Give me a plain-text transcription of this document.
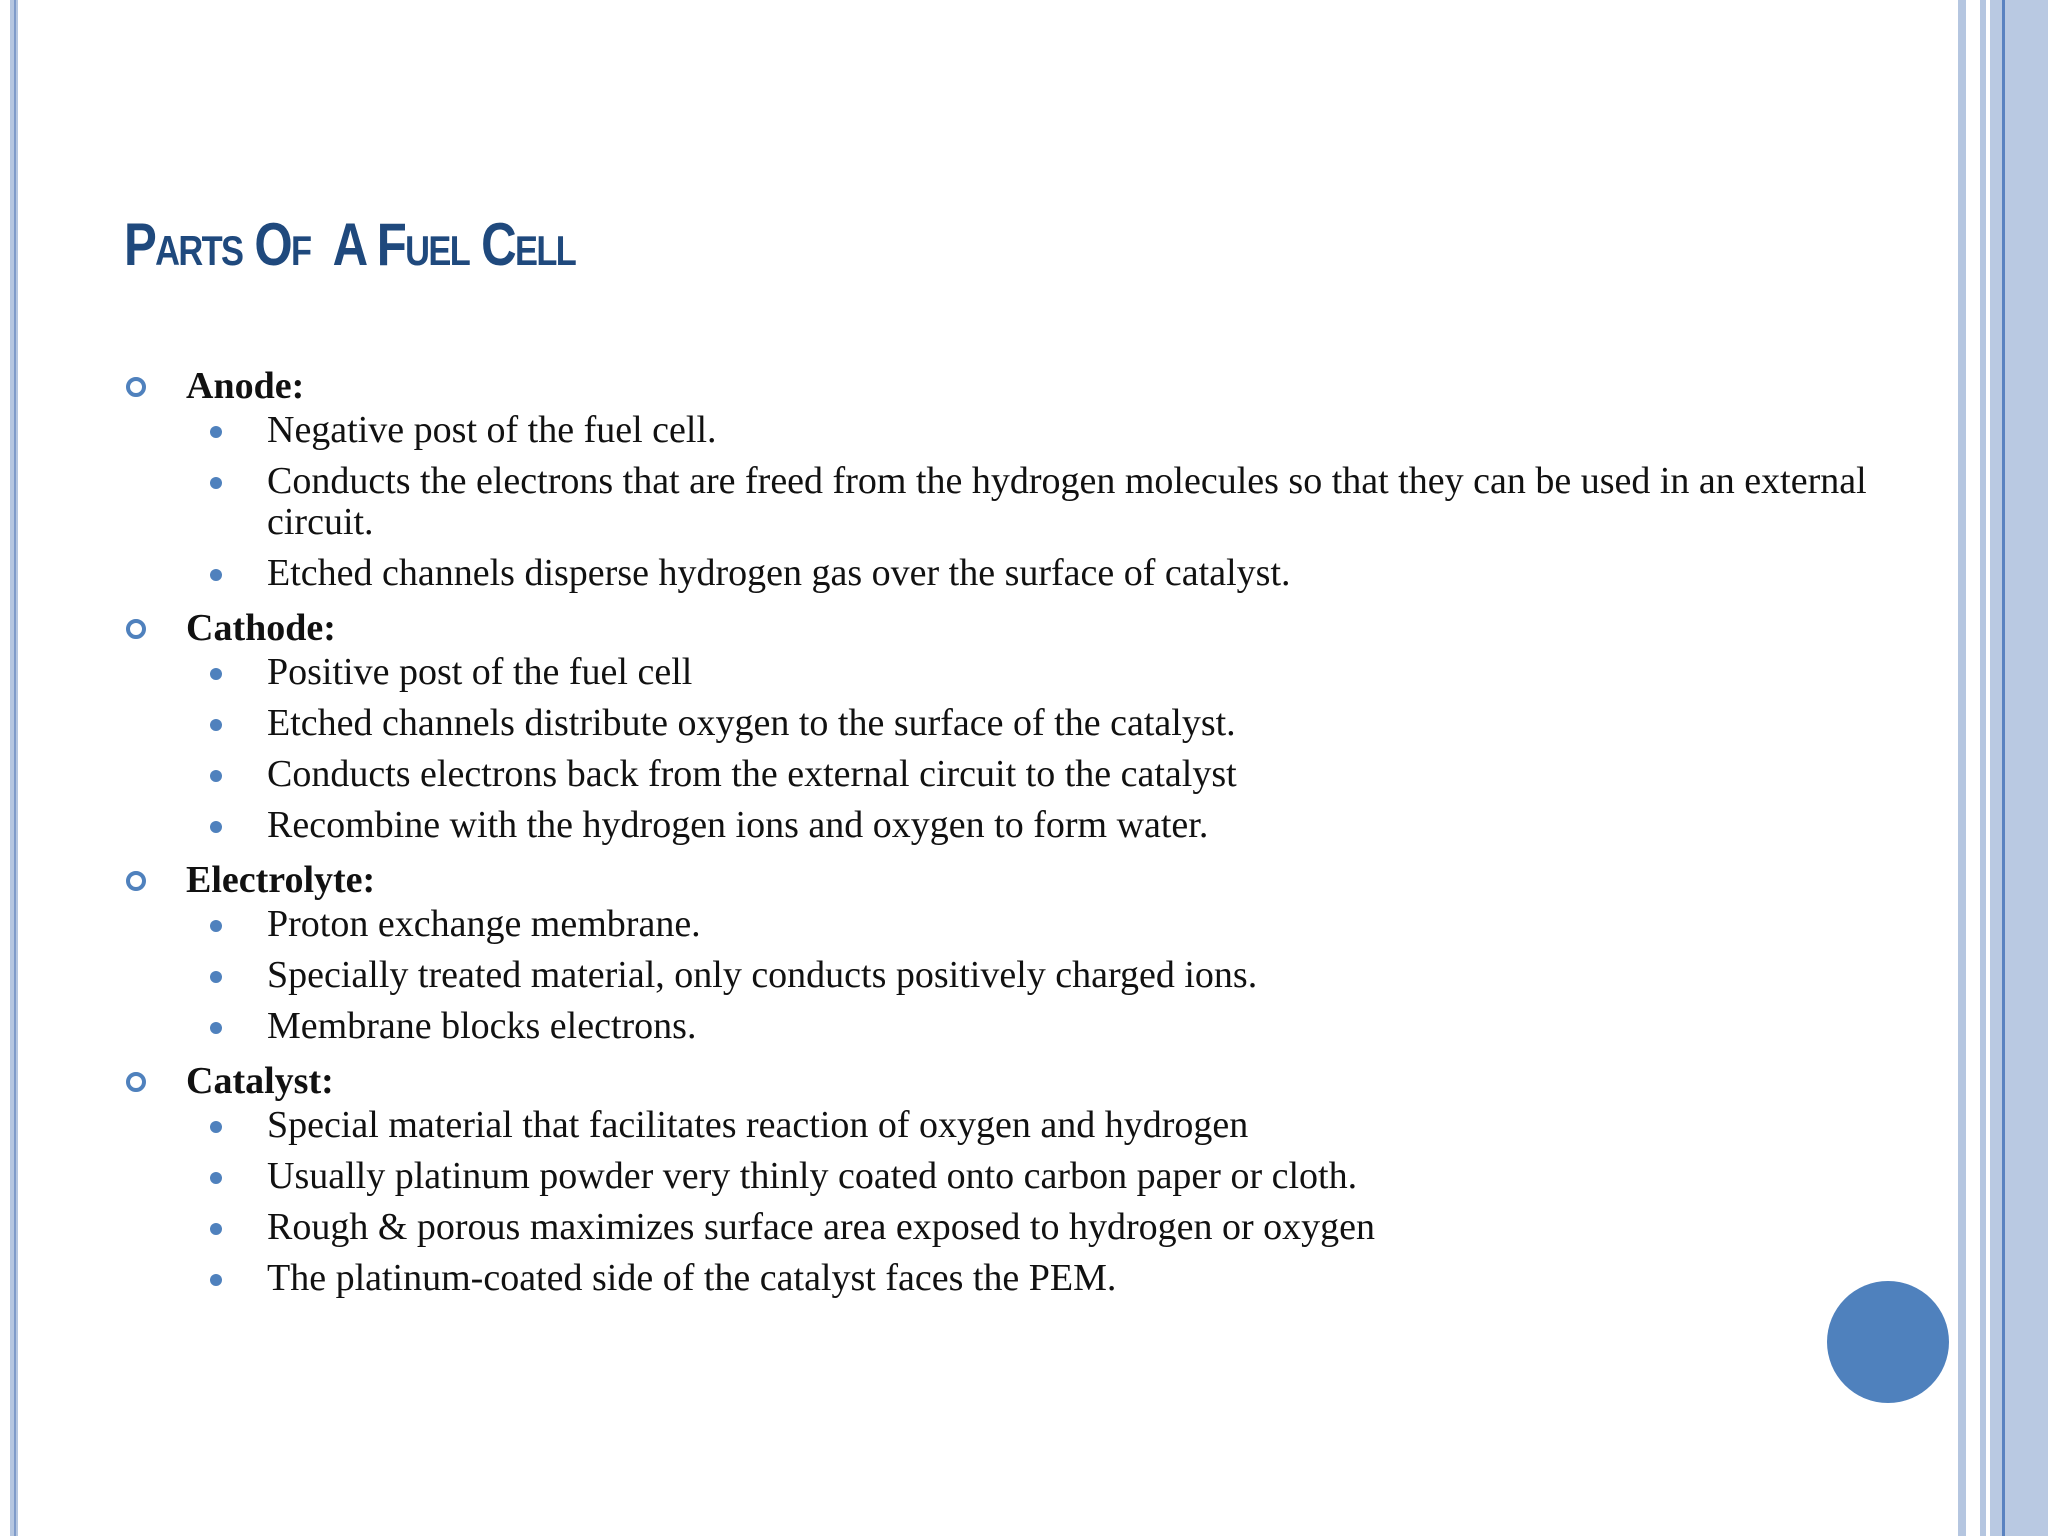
Parts Of  A Fuel Cell
Anode:
Negative post of the fuel cell.
Conducts the electrons that are freed from the hydrogen molecules so that they can be used in an external circuit.
Etched channels disperse hydrogen gas over the surface of catalyst.
Cathode:
Positive post of the fuel cell
Etched channels distribute oxygen to the surface of the catalyst.
Conducts electrons back from the external circuit to the catalyst
Recombine with the hydrogen ions and oxygen to form water.
Electrolyte:
Proton exchange membrane.
Specially treated material, only conducts positively charged ions.
Membrane blocks electrons.
Catalyst:
Special material that facilitates reaction of oxygen and hydrogen
Usually platinum powder very thinly coated onto carbon paper or cloth.
Rough & porous maximizes surface area exposed to hydrogen or oxygen
The platinum-coated side of the catalyst faces the PEM.
